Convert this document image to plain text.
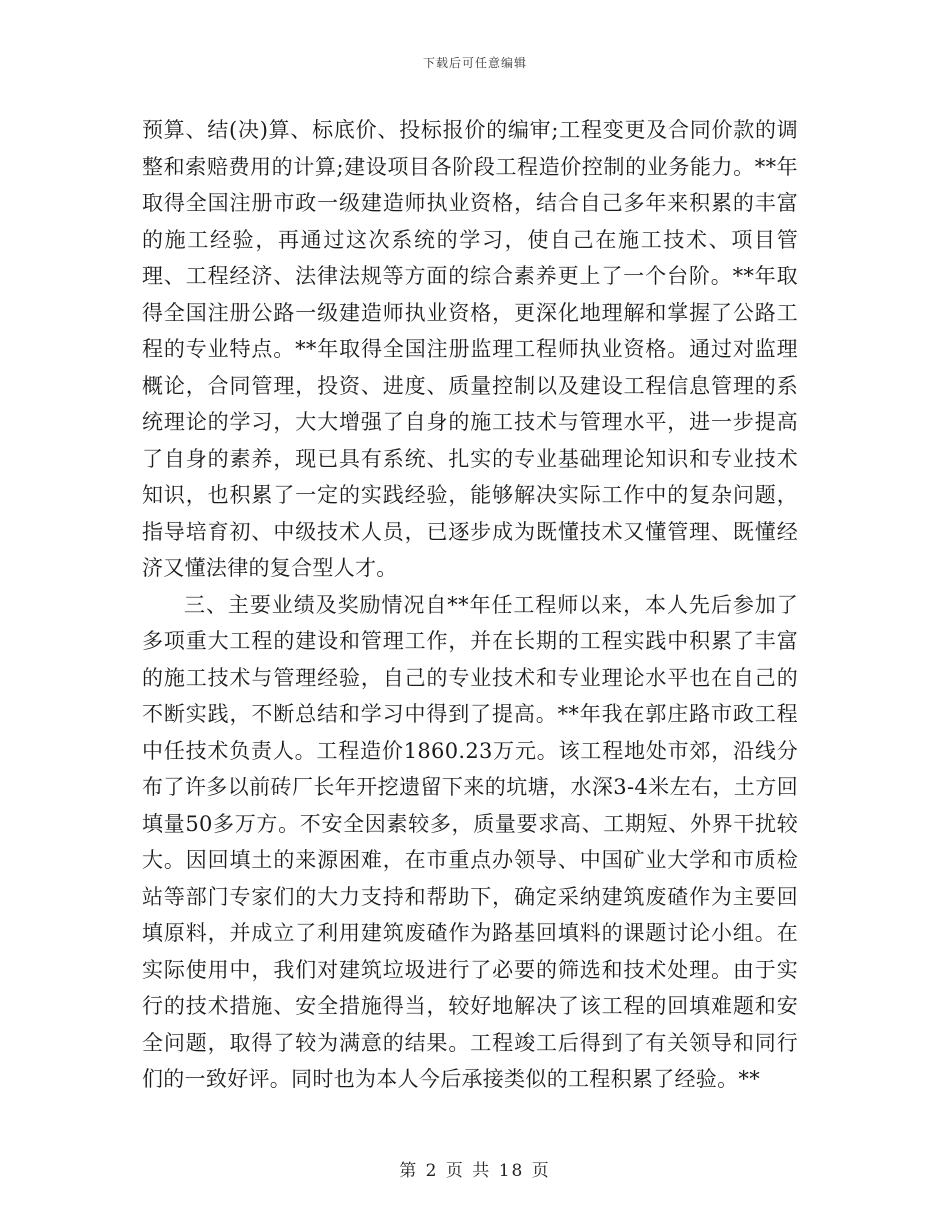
下载后可任意编辑

预算、结(决)算、标底价、投标报价的编审;工程变更及合同价款的调整和索赔费用的计算;建设项目各阶段工程造价控制的业务能力。**年取得全国注册市政一级建造师执业资格，结合自己多年来积累的丰富的施工经验，再通过这次系统的学习，使自己在施工技术、项目管理、工程经济、法律法规等方面的综合素养更上了一个台阶。**年取得全国注册公路一级建造师执业资格，更深化地理解和掌握了公路工程的专业特点。**年取得全国注册监理工程师执业资格。通过对监理概论，合同管理，投资、进度、质量控制以及建设工程信息管理的系统理论的学习，大大增强了自身的施工技术与管理水平，进一步提高了自身的素养，现已具有系统、扎实的专业基础理论知识和专业技术知识，也积累了一定的实践经验，能够解决实际工作中的复杂问题，指导培育初、中级技术人员，已逐步成为既懂技术又懂管理、既懂经济又懂法律的复合型人才。

三、主要业绩及奖励情况自**年任工程师以来，本人先后参加了多项重大工程的建设和管理工作，并在长期的工程实践中积累了丰富的施工技术与管理经验，自己的专业技术和专业理论水平也在自己的不断实践，不断总结和学习中得到了提高。**年我在郭庄路市政工程中任技术负责人。工程造价1860.23万元。该工程地处市郊，沿线分布了许多以前砖厂长年开挖遗留下来的坑塘，水深3-4米左右，土方回填量50多万方。不安全因素较多，质量要求高、工期短、外界干扰较大。因回填土的来源困难，在市重点办领导、中国矿业大学和市质检站等部门专家们的大力支持和帮助下，确定采纳建筑废碴作为主要回填原料，并成立了利用建筑废碴作为路基回填料的课题讨论小组。在实际使用中，我们对建筑垃圾进行了必要的筛选和技术处理。由于实行的技术措施、安全措施得当，较好地解决了该工程的回填难题和安全问题，取得了较为满意的结果。工程竣工后得到了有关领导和同行们的一致好评。同时也为本人今后承接类似的工程积累了经验。**

第 2 页 共 18 页
